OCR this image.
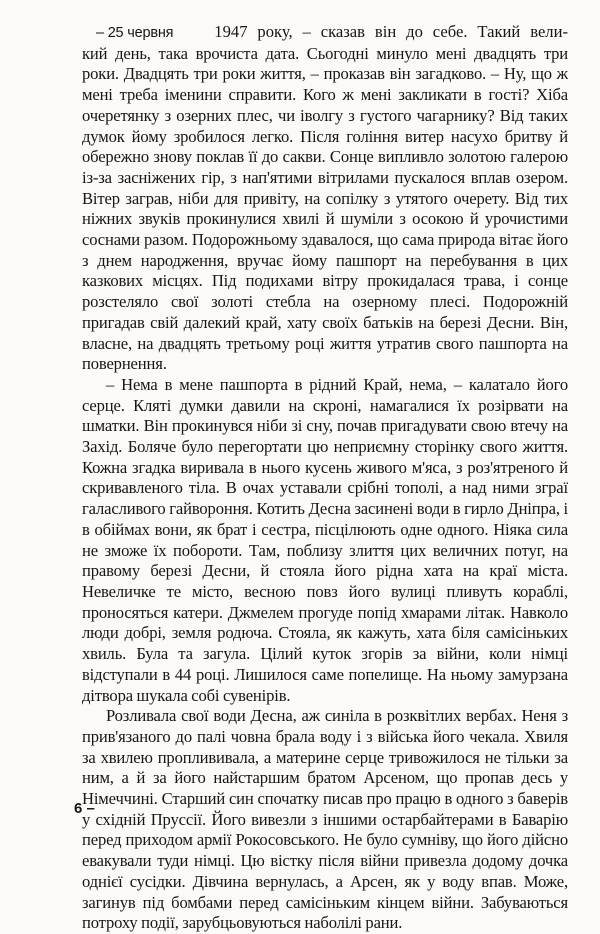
– 25 червня 1947 року, – сказав він до себе. Такий вели-

кий день, така врочиста дата. Сьогодні минуло мені двадцять три роки. Двадцять три роки життя, – проказав він загадково. – Ну, що ж мені треба іменини справити. Кого ж мені закликати в гості? Хіба очеретянку з озерних плес, чи іволгу з густого чагарнику? Від таких думок йому зробилося легко. Після гоління витер насухо бритву й обережно знову поклав її до сакви. Сонце випливло золотою галерою із-за засніжених гір, з нап'ятими вітрилами пускалося вплав озером. Вітер заграв, ніби для привіту, на сопілку з утятого очерету. Від тих ніжних звуків прокинулися хвилі й шуміли з осокою й урочистими соснами разом. Подорожньому здавалося, що сама природа вітає його з днем народження, вручає йому пашпорт на перебування в цих казкових місцях. Під подихами вітру прокидалася трава, і сонце розстеляло свої золоті стебла на озерному плесі. Подорожній пригадав свій далекий край, хату своїх батьків на березі Десни. Він, власне, на двадцять третьому році життя утратив свого пашпорта на повернення.

– Нема в мене пашпорта в рідний Край, нема, – калатало його серце. Кляті думки давили на скроні, намагалися їх розірвати на шматки. Він прокинувся ніби зі сну, почав пригадувати свою втечу на Захід. Боляче було перегортати цю неприємну сторінку свого життя. Кожна згадка виривала в нього кусень живого м'яса, з роз'ятреного й скривавленого тіла. В очах уставали срібні тополі, а над ними зграї галасливого гайвороння. Котить Десна засинені води в гирло Дніпра, і в обіймах вони, як брат і сестра, пісцілюють одне одного. Ніяка сила не зможе їх побороти. Там, поблизу злиття цих величних потуг, на правому березі Десни, й стояла його рідна хата на краї міста. Невеличке те місто, весною повз його вулиці пливуть кораблі, проносяться катери. Джмелем прогуде попід хмарами літак. Навколо люди добрі, земля родюча. Стояла, як кажуть, хата біля самісіньких хвиль. Була та загула. Цілий куток згорів за війни, коли німці відступали в 44 році. Лишилося саме попелище. На ньому замурзана дітвора шукала собі сувенірів.

Розливала свої води Десна, аж синіла в розквітлих вербах. Неня з прив'язаного до палі човна брала воду і з війська його чекала. Хвиля за хвилею проплививала, а материне серце тривожилося не тільки за ним, а й за його найстаршим братом Арсеном, що пропав десь у Німеччині. Старший син спочатку писав про працю в одного з баверів у східній Пруссії. Його вивезли з іншими остарбайтерами в Баварію перед приходом армії Рокосовського. Не було сумніву, що його дійсно евакували туди німці. Цю вістку після війни привезла додому дочка однієї сусідки. Дівчина вернулась, а Арсен, як у воду впав. Може, загинув під бомбами перед самісіньким кінцем війни. Забуваються потроху події, зарубцьовуються наболілі рани.

6 –
